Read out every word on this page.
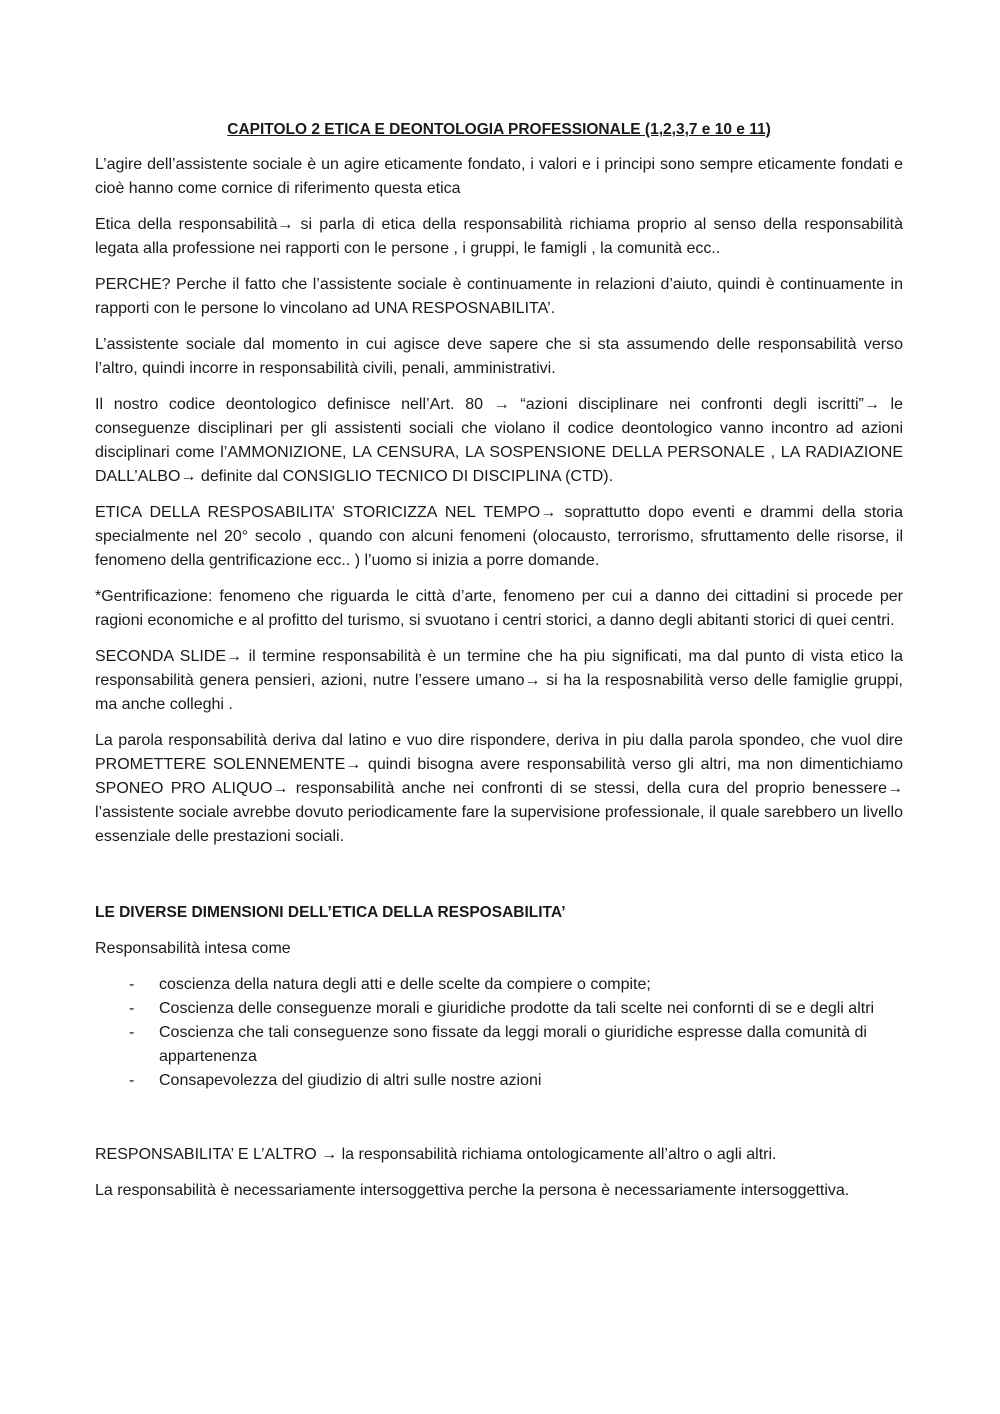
CAPITOLO 2 ETICA E DEONTOLOGIA PROFESSIONALE (1,2,3,7 e 10 e 11)

L’agire dell’assistente sociale è un agire eticamente fondato, i valori e i principi sono sempre eticamente fondati e cioè hanno come cornice di riferimento questa etica

Etica della responsabilità→ si parla di etica della responsabilità richiama proprio al senso della responsabilità legata alla professione nei rapporti con le persone , i gruppi, le famigli , la comunità ecc..

PERCHE? Perche il fatto che l’assistente sociale è continuamente in relazioni d’aiuto, quindi è continuamente in rapporti con le persone lo vincolano ad UNA RESPOSNABILITA’.

L’assistente sociale dal momento in cui agisce deve sapere che si sta assumendo delle responsabilità verso l’altro, quindi incorre in responsabilità civili, penali, amministrativi.

Il nostro codice deontologico definisce nell’Art. 80 → “azioni disciplinare nei confronti degli iscritti”→ le conseguenze disciplinari per gli assistenti sociali che violano il codice deontologico vanno incontro ad azioni disciplinari come l’AMMONIZIONE, LA CENSURA, LA SOSPENSIONE DELLA PERSONALE , LA RADIAZIONE DALL’ALBO→ definite dal CONSIGLIO TECNICO DI DISCIPLINA (CTD).

ETICA DELLA RESPOSABILITA’ STORICIZZA NEL TEMPO→ soprattutto dopo eventi e drammi della storia specialmente nel 20° secolo , quando con alcuni fenomeni (olocausto, terrorismo, sfruttamento delle risorse, il fenomeno della gentrificazione ecc.. ) l’uomo si inizia a porre domande.

*Gentrificazione: fenomeno che riguarda le città d’arte, fenomeno per cui a danno dei cittadini si procede per ragioni economiche e al profitto del turismo, si svuotano i centri storici, a danno degli abitanti storici di quei centri.

SECONDA SLIDE→ il termine responsabilità è un termine che ha piu significati, ma dal punto di vista etico la responsabilità genera pensieri, azioni, nutre l’essere umano→ si ha la resposnabilità verso delle famiglie gruppi, ma anche colleghi .

La parola responsabilità deriva dal latino e vuo dire rispondere, deriva in piu dalla parola spondeo, che vuol dire PROMETTERE SOLENNEMENTE→ quindi bisogna avere responsabilità verso gli altri, ma non dimentichiamo SPONEO PRO ALIQUO→ responsabilità anche nei confronti di se stessi, della cura del proprio benessere→ l’assistente sociale avrebbe dovuto periodicamente fare la supervisione professionale, il quale sarebbero un livello essenziale delle prestazioni sociali.

LE DIVERSE DIMENSIONI DELL’ETICA DELLA RESPOSABILITA’

Responsabilità intesa come

- coscienza della natura degli atti e delle scelte da compiere o compite;
- Coscienza delle conseguenze morali e giuridiche prodotte da tali scelte nei confornti di se e degli altri
- Coscienza che tali conseguenze sono fissate da leggi morali o giuridiche espresse dalla comunità di appartenenza
- Consapevolezza del giudizio di altri sulle nostre azioni

RESPONSABILITA’ E L’ALTRO → la responsabilità richiama ontologicamente all’altro o agli altri.

La responsabilità è necessariamente intersoggettiva perche la persona è necessariamente intersoggettiva.
